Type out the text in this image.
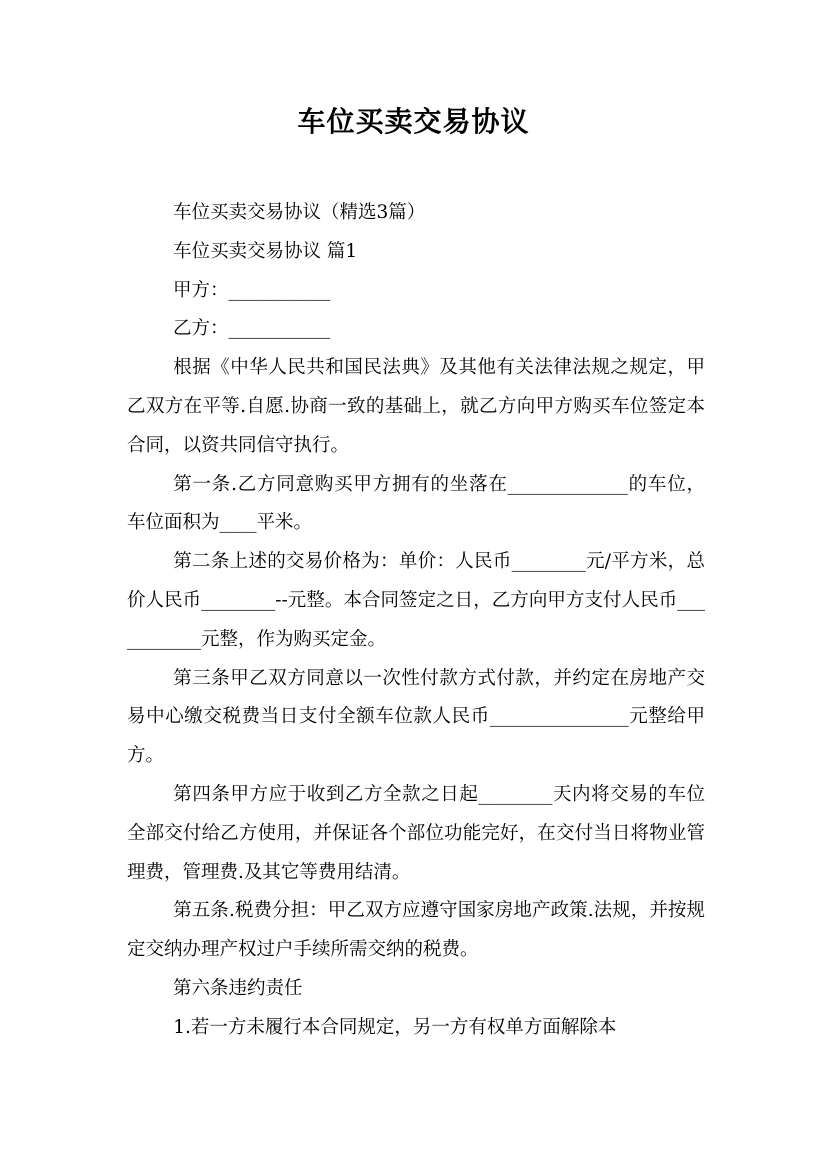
车位买卖交易协议

车位买卖交易协议（精选3篇）

车位买卖交易协议 篇1

甲方：___________

乙方：___________

根据《中华人民共和国民法典》及其他有关法律法规之规定，甲乙双方在平等.自愿.协商一致的基础上，就乙方向甲方购买车位签定本合同，以资共同信守执行。

第一条.乙方同意购买甲方拥有的坐落在_____________的车位，车位面积为____平米。

第二条上述的交易价格为：单价：人民币________元/平方米，总价人民币________--元整。本合同签定之日，乙方向甲方支付人民币___________元整，作为购买定金。

第三条甲乙双方同意以一次性付款方式付款，并约定在房地产交易中心缴交税费当日支付全额车位款人民币_______________元整给甲方。

第四条甲方应于收到乙方全款之日起________天内将交易的车位全部交付给乙方使用，并保证各个部位功能完好，在交付当日将物业管理费，管理费.及其它等费用结清。

第五条.税费分担：甲乙双方应遵守国家房地产政策.法规，并按规定交纳办理产权过户手续所需交纳的税费。

第六条违约责任

1.若一方未履行本合同规定，另一方有权单方面解除本
